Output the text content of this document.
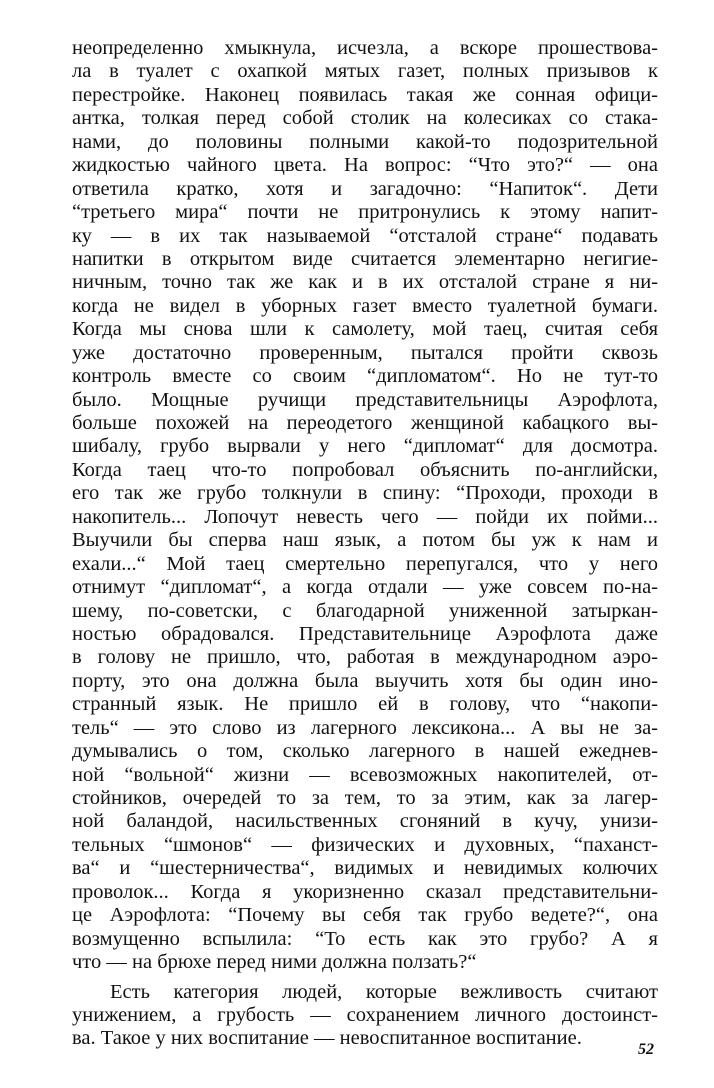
неопределенно хмыкнула, исчезла, а вскоре прошествова-
ла в туалет с охапкой мятых газет, полных призывов к
перестройке. Наконец появилась такая же сонная офици-
антка, толкая перед собой столик на колесиках со стака-
нами, до половины полными какой-то подозрительной
жидкостью чайного цвета. На вопрос: “Что это?“ — она
ответила кратко, хотя и загадочно: “Напиток“. Дети
“третьего мира“ почти не притронулись к этому напит-
ку — в их так называемой “отсталой стране“ подавать
напитки в открытом виде считается элементарно негигие-
ничным, точно так же как и в их отсталой стране я ни-
когда не видел в уборных газет вместо туалетной бумаги.
Когда мы снова шли к самолету, мой таец, считая себя
уже достаточно проверенным, пытался пройти сквозь
контроль вместе со своим “дипломатом“. Но не тут-то
было. Мощные ручищи представительницы Аэрофлота,
больше похожей на переодетого женщиной кабацкого вы-
шибалу, грубо вырвали у него “дипломат“ для досмотра.
Когда таец что-то попробовал объяснить по-английски,
его так же грубо толкнули в спину: “Проходи, проходи в
накопитель... Лопочут невесть чего — пойди их пойми...
Выучили бы сперва наш язык, а потом бы уж к нам и
ехали...“ Мой таец смертельно перепугался, что у него
отнимут “дипломат“, а когда отдали — уже совсем по-на-
шему, по-советски, с благодарной униженной затыркан-
ностью обрадовался. Представительнице Аэрофлота даже
в голову не пришло, что, работая в международном аэро-
порту, это она должна была выучить хотя бы один ино-
странный язык. Не пришло ей в голову, что “накопи-
тель“ — это слово из лагерного лексикона... А вы не за-
думывались о том, сколько лагерного в нашей ежеднев-
ной “вольной“ жизни — всевозможных накопителей, от-
стойников, очередей то за тем, то за этим, как за лагер-
ной баландой, насильственных сгоняний в кучу, унизи-
тельных “шмонов“ — физических и духовных, “паханст-
ва“ и “шестерничества“, видимых и невидимых колючих
проволок... Когда я укоризненно сказал представительни-
це Аэрофлота: “Почему вы себя так грубо ведете?“, она
возмущенно вспылила: “То есть как это грубо? А я
что — на брюхе перед ними должна ползать?“
Есть категория людей, которые вежливость считают
унижением, а грубость — сохранением личного достоинст-
ва. Такое у них воспитание — невоспитанное воспитание.
52
